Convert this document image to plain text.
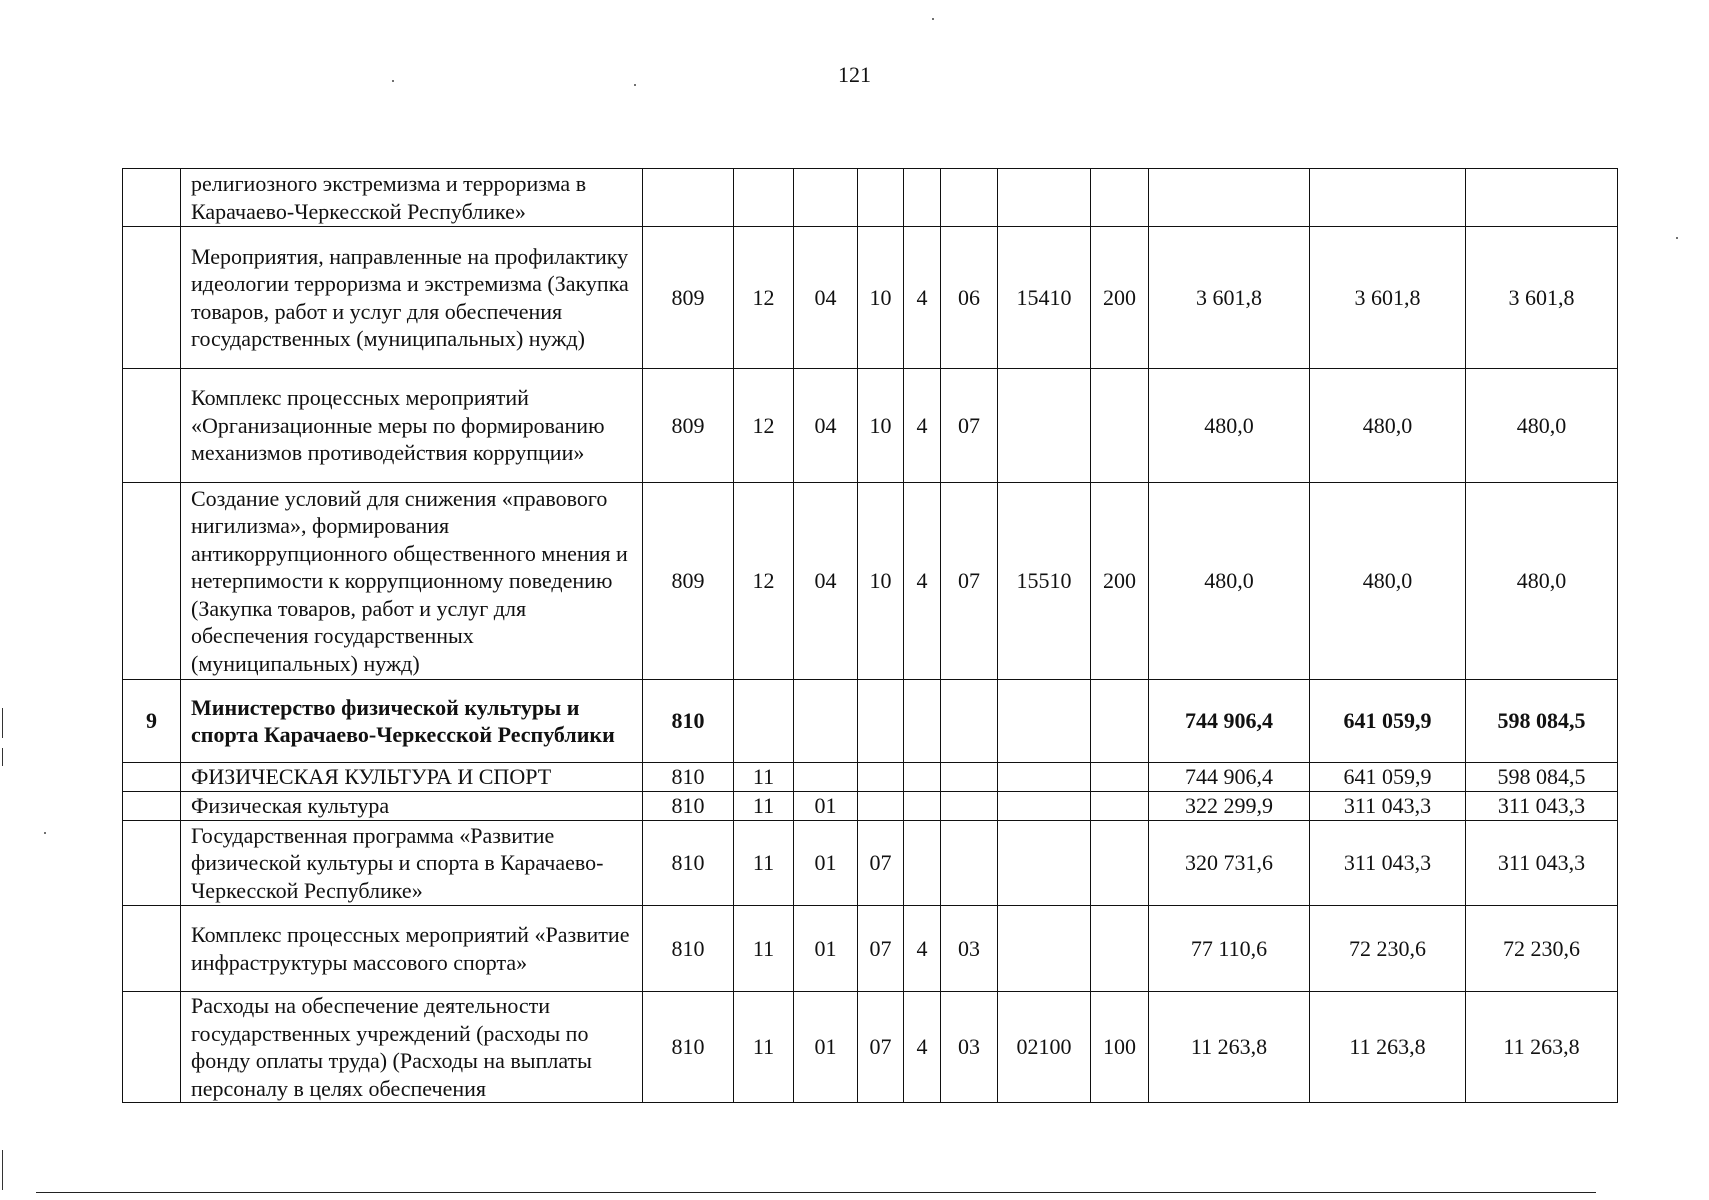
121
	религиозного экстремизма и терроризма в Карачаево-Черкесской Республике»											
	Мероприятия, направленные на профилактику идеологии терроризма и экстремизма (Закупка товаров, работ и услуг для обеспечения государственных (муниципальных) нужд)	809	12	04	10	4	06	15410	200	3 601,8	3 601,8	3 601,8
	Комплекс процессных мероприятий «Организационные меры по формированию механизмов противодействия коррупции»	809	12	04	10	4	07			480,0	480,0	480,0
	Создание условий для снижения «правового нигилизма», формирования антикоррупционного общественного мнения и нетерпимости к коррупционному поведению (Закупка товаров, работ и услуг для обеспечения государственных (муниципальных) нужд)	809	12	04	10	4	07	15510	200	480,0	480,0	480,0
9	Министерство физической культуры и спорта Карачаево-Черкесской Республики	810								744 906,4	641 059,9	598 084,5
	ФИЗИЧЕСКАЯ КУЛЬТУРА И СПОРТ	810	11							744 906,4	641 059,9	598 084,5
	Физическая культура	810	11	01						322 299,9	311 043,3	311 043,3
	Государственная программа «Развитие физической культуры и спорта в Карачаево-Черкесской Республике»	810	11	01	07					320 731,6	311 043,3	311 043,3
	Комплекс процессных мероприятий «Развитие инфраструктуры массового спорта»	810	11	01	07	4	03			77 110,6	72 230,6	72 230,6
	Расходы на обеспечение деятельности государственных учреждений (расходы по фонду оплаты труда) (Расходы на выплаты персоналу в целях обеспечения	810	11	01	07	4	03	02100	100	11 263,8	11 263,8	11 263,8
